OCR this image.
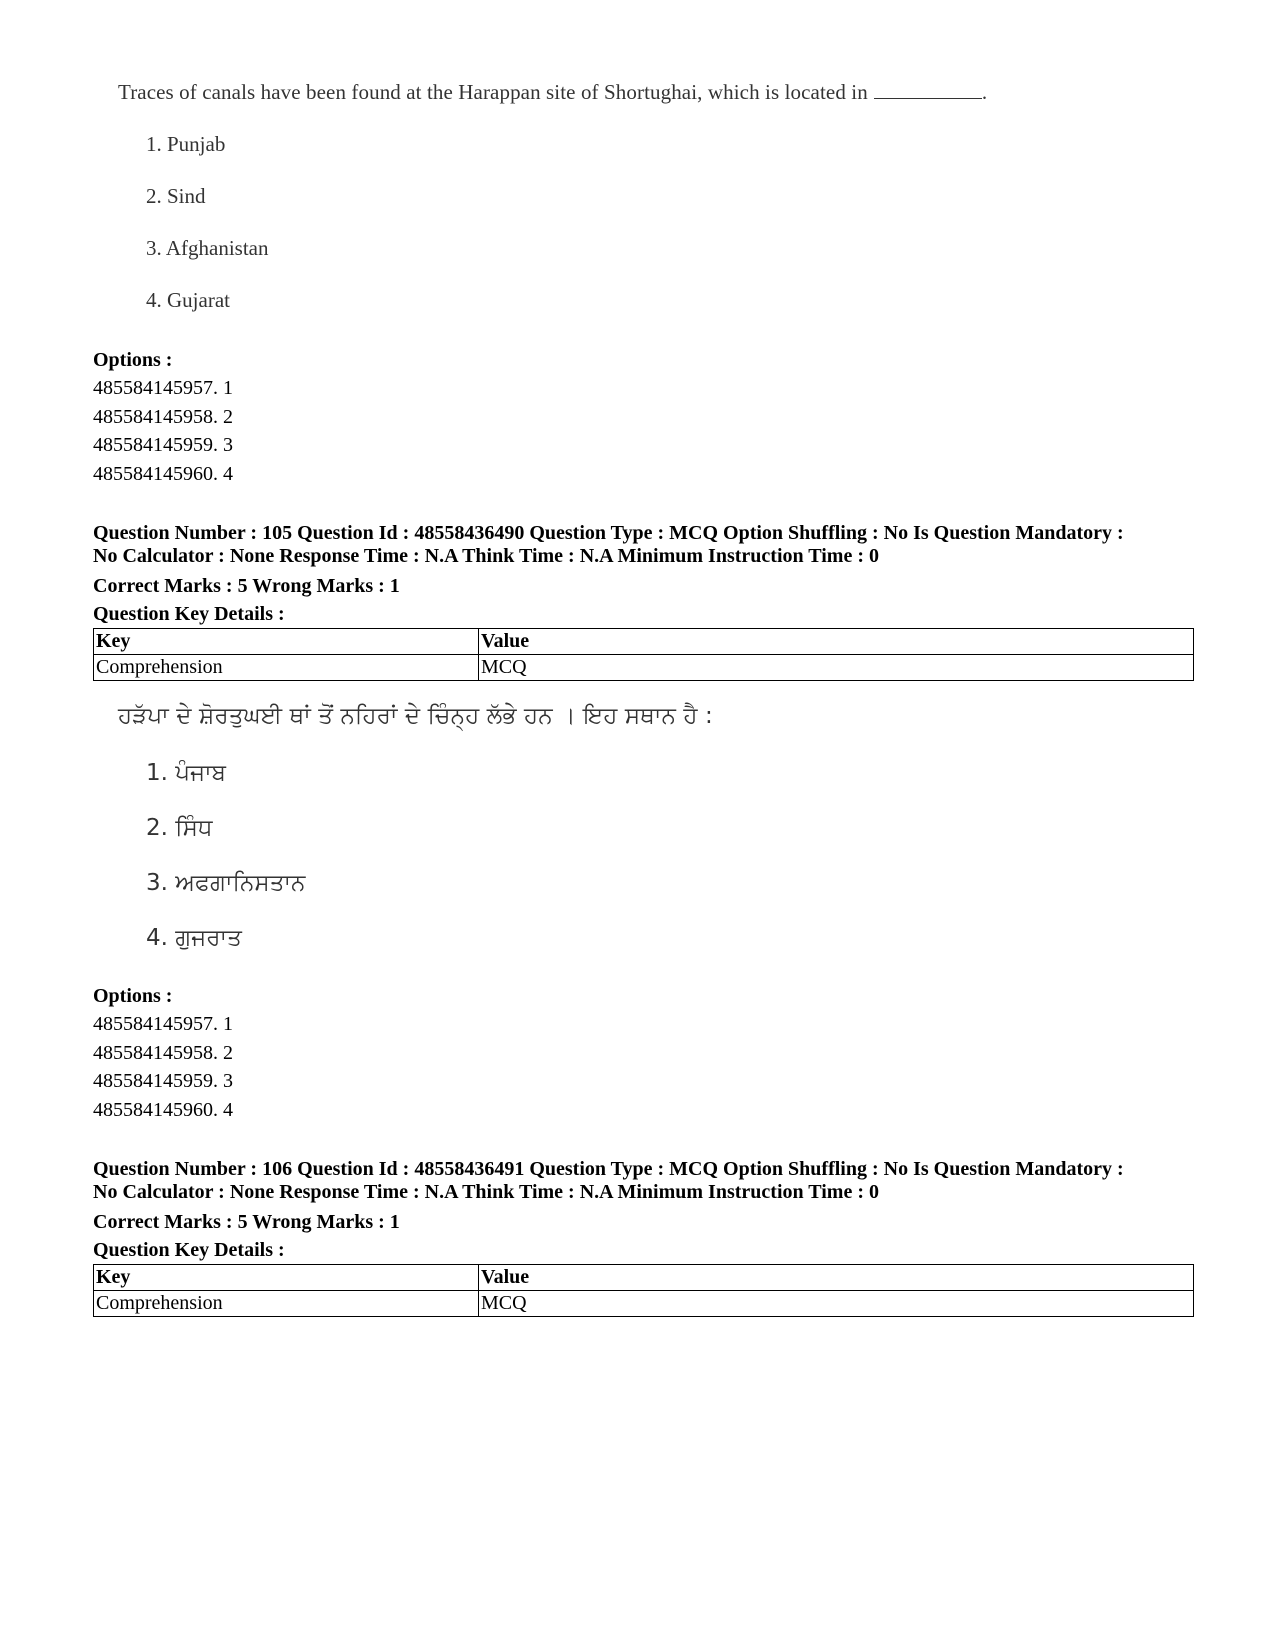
Traces of canals have been found at the Harappan site of Shortughai, which is located in	.

1. Punjab
2. Sind
3. Afghanistan
4. Gujarat
Options :
485584145957. 1
485584145958. 2
485584145959. 3
485584145960. 4
Question Number : 105 Question Id : 48558436490 Question Type : MCQ Option Shuffling : No Is Question Mandatory :
No Calculator : None Response Time : N.A Think Time : N.A Minimum Instruction Time : 0
Correct Marks : 5 Wrong Marks : 1
Question Key Details :
Key	Value
Comprehension	MCQ

ਹੜੱਪਾ ਦੇ ਸ਼ੋਰਤੁਘਈ ਥਾਂ ਤੋਂ ਨਹਿਰਾਂ ਦੇ ਚਿੰਨ੍ਹ ਲੱਭੇ ਹਨ । ਇਹ ਸਥਾਨ ਹੈ :

1. ਪੰਜਾਬ
2. ਸਿੰਧ
3. ਅਫਗਾਨਿਸਤਾਨ
4. ਗੁਜਰਾਤ
Options :
485584145957. 1
485584145958. 2
485584145959. 3
485584145960. 4
Question Number : 106 Question Id : 48558436491 Question Type : MCQ Option Shuffling : No Is Question Mandatory :
No Calculator : None Response Time : N.A Think Time : N.A Minimum Instruction Time : 0
Correct Marks : 5 Wrong Marks : 1
Question Key Details :
Key	Value
Comprehension	MCQ
